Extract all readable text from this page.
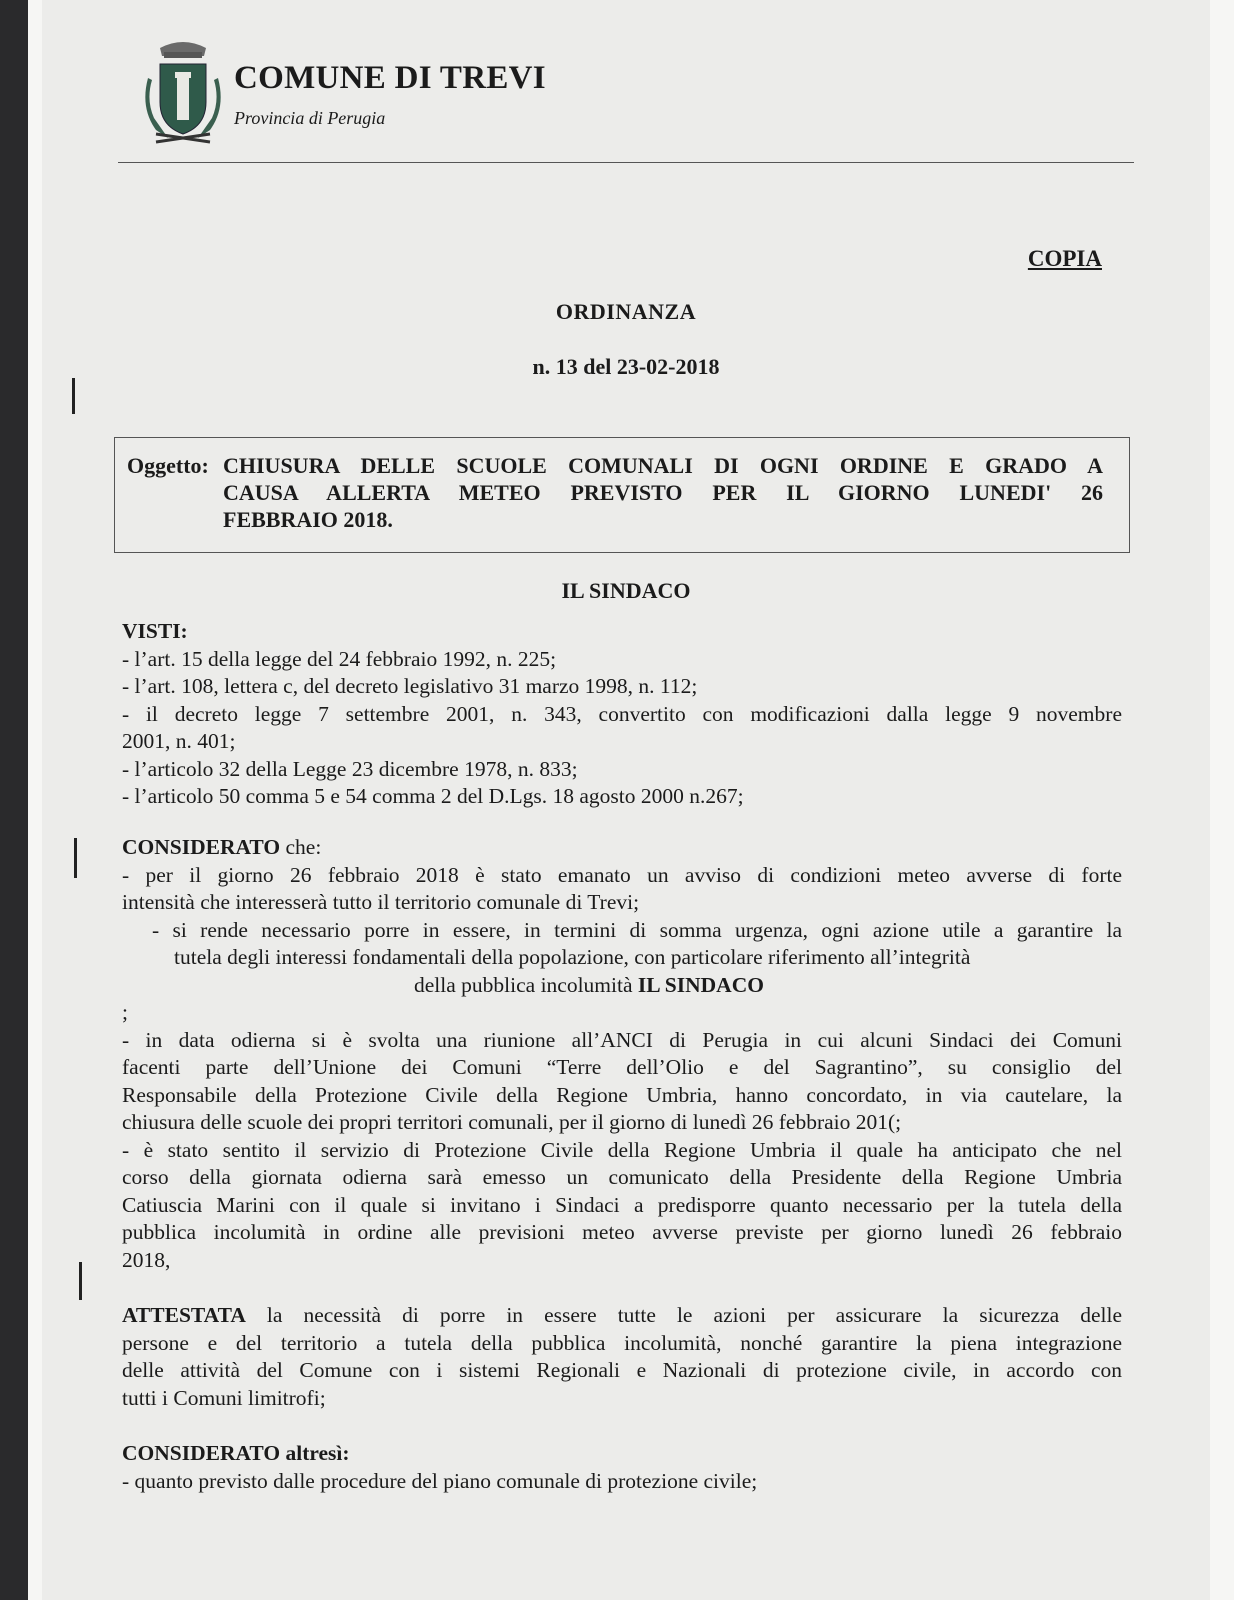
COMUNE DI TREVI
Provincia di Perugia
COPIA
ORDINANZA
n. 13 del 23-02-2018
Oggetto: CHIUSURA DELLE SCUOLE COMUNALI DI OGNI ORDINE E GRADO A
CAUSA ALLERTA METEO PREVISTO PER IL GIORNO LUNEDI' 26
FEBBRAIO 2018.
IL SINDACO
VISTI:
- l’art. 15 della legge del 24 febbraio 1992, n. 225;
- l’art. 108, lettera c, del decreto legislativo 31 marzo 1998, n. 112;
- il decreto legge 7 settembre 2001, n. 343, convertito con modificazioni dalla legge 9 novembre
2001, n. 401;
- l’articolo 32 della Legge 23 dicembre 1978, n. 833;
- l’articolo 50 comma 5 e 54 comma 2 del D.Lgs. 18 agosto 2000 n.267;
CONSIDERATO che:
- per il giorno 26 febbraio 2018 è stato emanato un avviso di condizioni meteo avverse di forte
intensità che interesserà tutto il territorio comunale di Trevi;
- si rende necessario porre in essere, in termini di somma urgenza, ogni azione utile a garantire la
tutela degli interessi fondamentali della popolazione, con particolare riferimento all’integrità
della pubblica incolumità IL SINDACO
;
- in data odierna si è svolta una riunione all’ANCI di Perugia in cui alcuni Sindaci dei Comuni
facenti parte dell’Unione dei Comuni “Terre dell’Olio e del Sagrantino”, su consiglio del
Responsabile della Protezione Civile della Regione Umbria, hanno concordato, in via cautelare, la
chiusura delle scuole dei propri territori comunali, per il giorno di lunedì 26 febbraio 201(;
- è stato sentito il servizio di Protezione Civile della Regione Umbria il quale ha anticipato che nel
corso della giornata odierna sarà emesso un comunicato della Presidente della Regione Umbria
Catiuscia Marini con il quale si invitano i Sindaci a predisporre quanto necessario per la tutela della
pubblica incolumità in ordine alle previsioni meteo avverse previste per giorno lunedì 26 febbraio
2018,
ATTESTATA la necessità di porre in essere tutte le azioni per assicurare la sicurezza delle
persone e del territorio a tutela della pubblica incolumità, nonché garantire la piena integrazione
delle attività del Comune con i sistemi Regionali e Nazionali di protezione civile, in accordo con
tutti i Comuni limitrofi;
CONSIDERATO altresì:
- quanto previsto dalle procedure del piano comunale di protezione civile;
